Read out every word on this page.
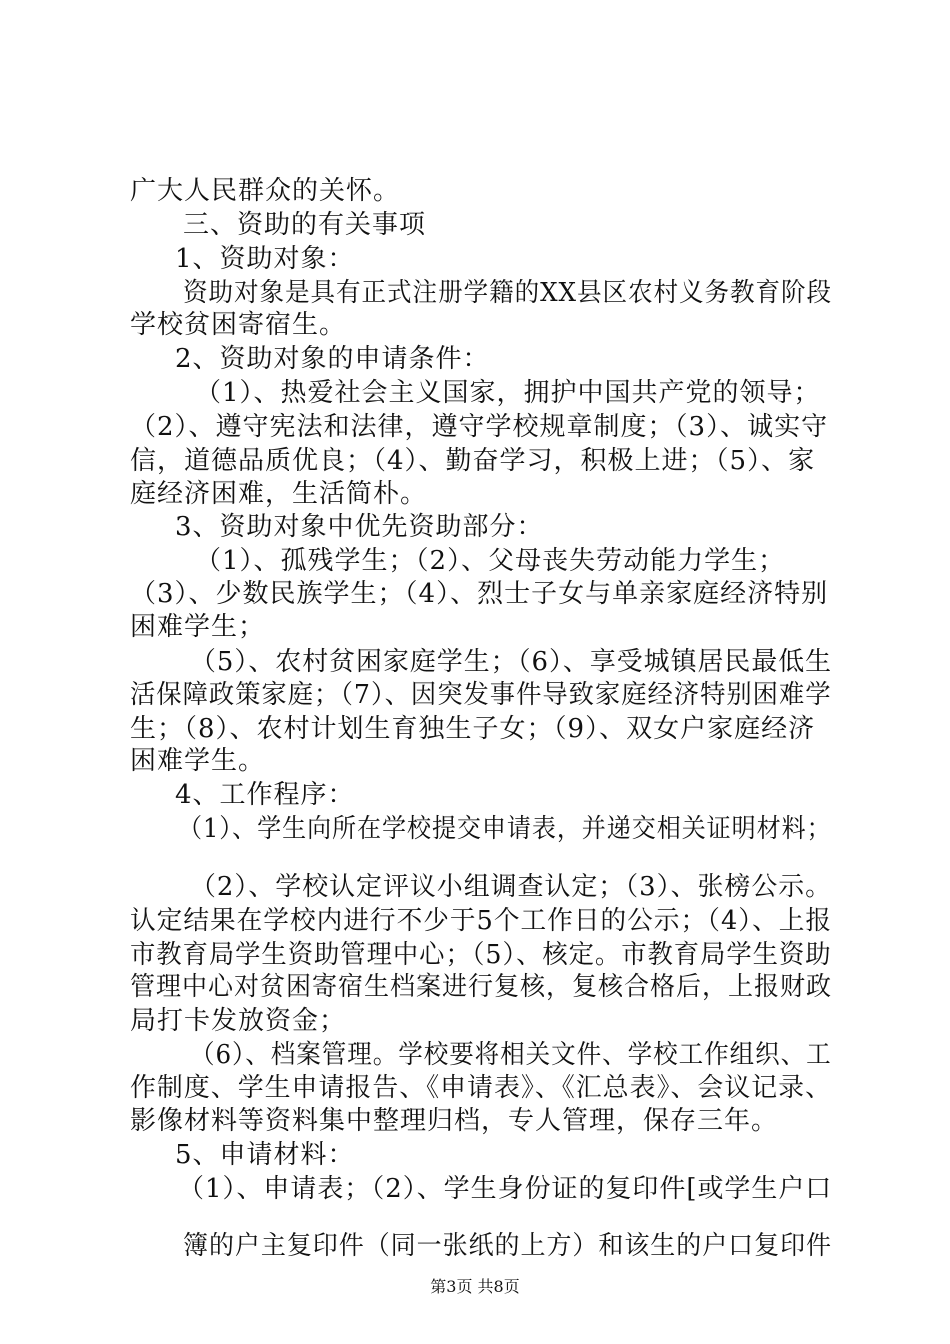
广大人民群众的关怀。
三、资助的有关事项
1、资助对象：
资助对象是具有正式注册学籍的XX县区农村义务教育阶段
学校贫困寄宿生。
2、资助对象的申请条件：
（1）、热爱社会主义国家，拥护中国共产党的领导；
（2）、遵守宪法和法律，遵守学校规章制度；（3）、诚实守
信，道德品质优良；（4）、勤奋学习，积极上进；（5）、家
庭经济困难，生活简朴。
3、资助对象中优先资助部分：
（1）、孤残学生；（2）、父母丧失劳动能力学生；
（3）、少数民族学生；（4）、烈士子女与单亲家庭经济特别
困难学生；
（5）、农村贫困家庭学生；（6）、享受城镇居民最低生
活保障政策家庭；（7）、因突发事件导致家庭经济特别困难学
生；（8）、农村计划生育独生子女；（9）、双女户家庭经济
困难学生。
4、工作程序：
（1）、学生向所在学校提交申请表，并递交相关证明材料；
（2）、学校认定评议小组调查认定；（3）、张榜公示。
认定结果在学校内进行不少于5个工作日的公示；（4）、上报
市教育局学生资助管理中心；（5）、核定。市教育局学生资助
管理中心对贫困寄宿生档案进行复核，复核合格后，上报财政
局打卡发放资金；
（6）、档案管理。学校要将相关文件、学校工作组织、工
作制度、学生申请报告、《申请表》、《汇总表》、会议记录、
影像材料等资料集中整理归档，专人管理，保存三年。
5、申请材料：
（1）、申请表；（2）、学生身份证的复印件[或学生户口
簿的户主复印件（同一张纸的上方）和该生的户口复印件
第3页 共8页
